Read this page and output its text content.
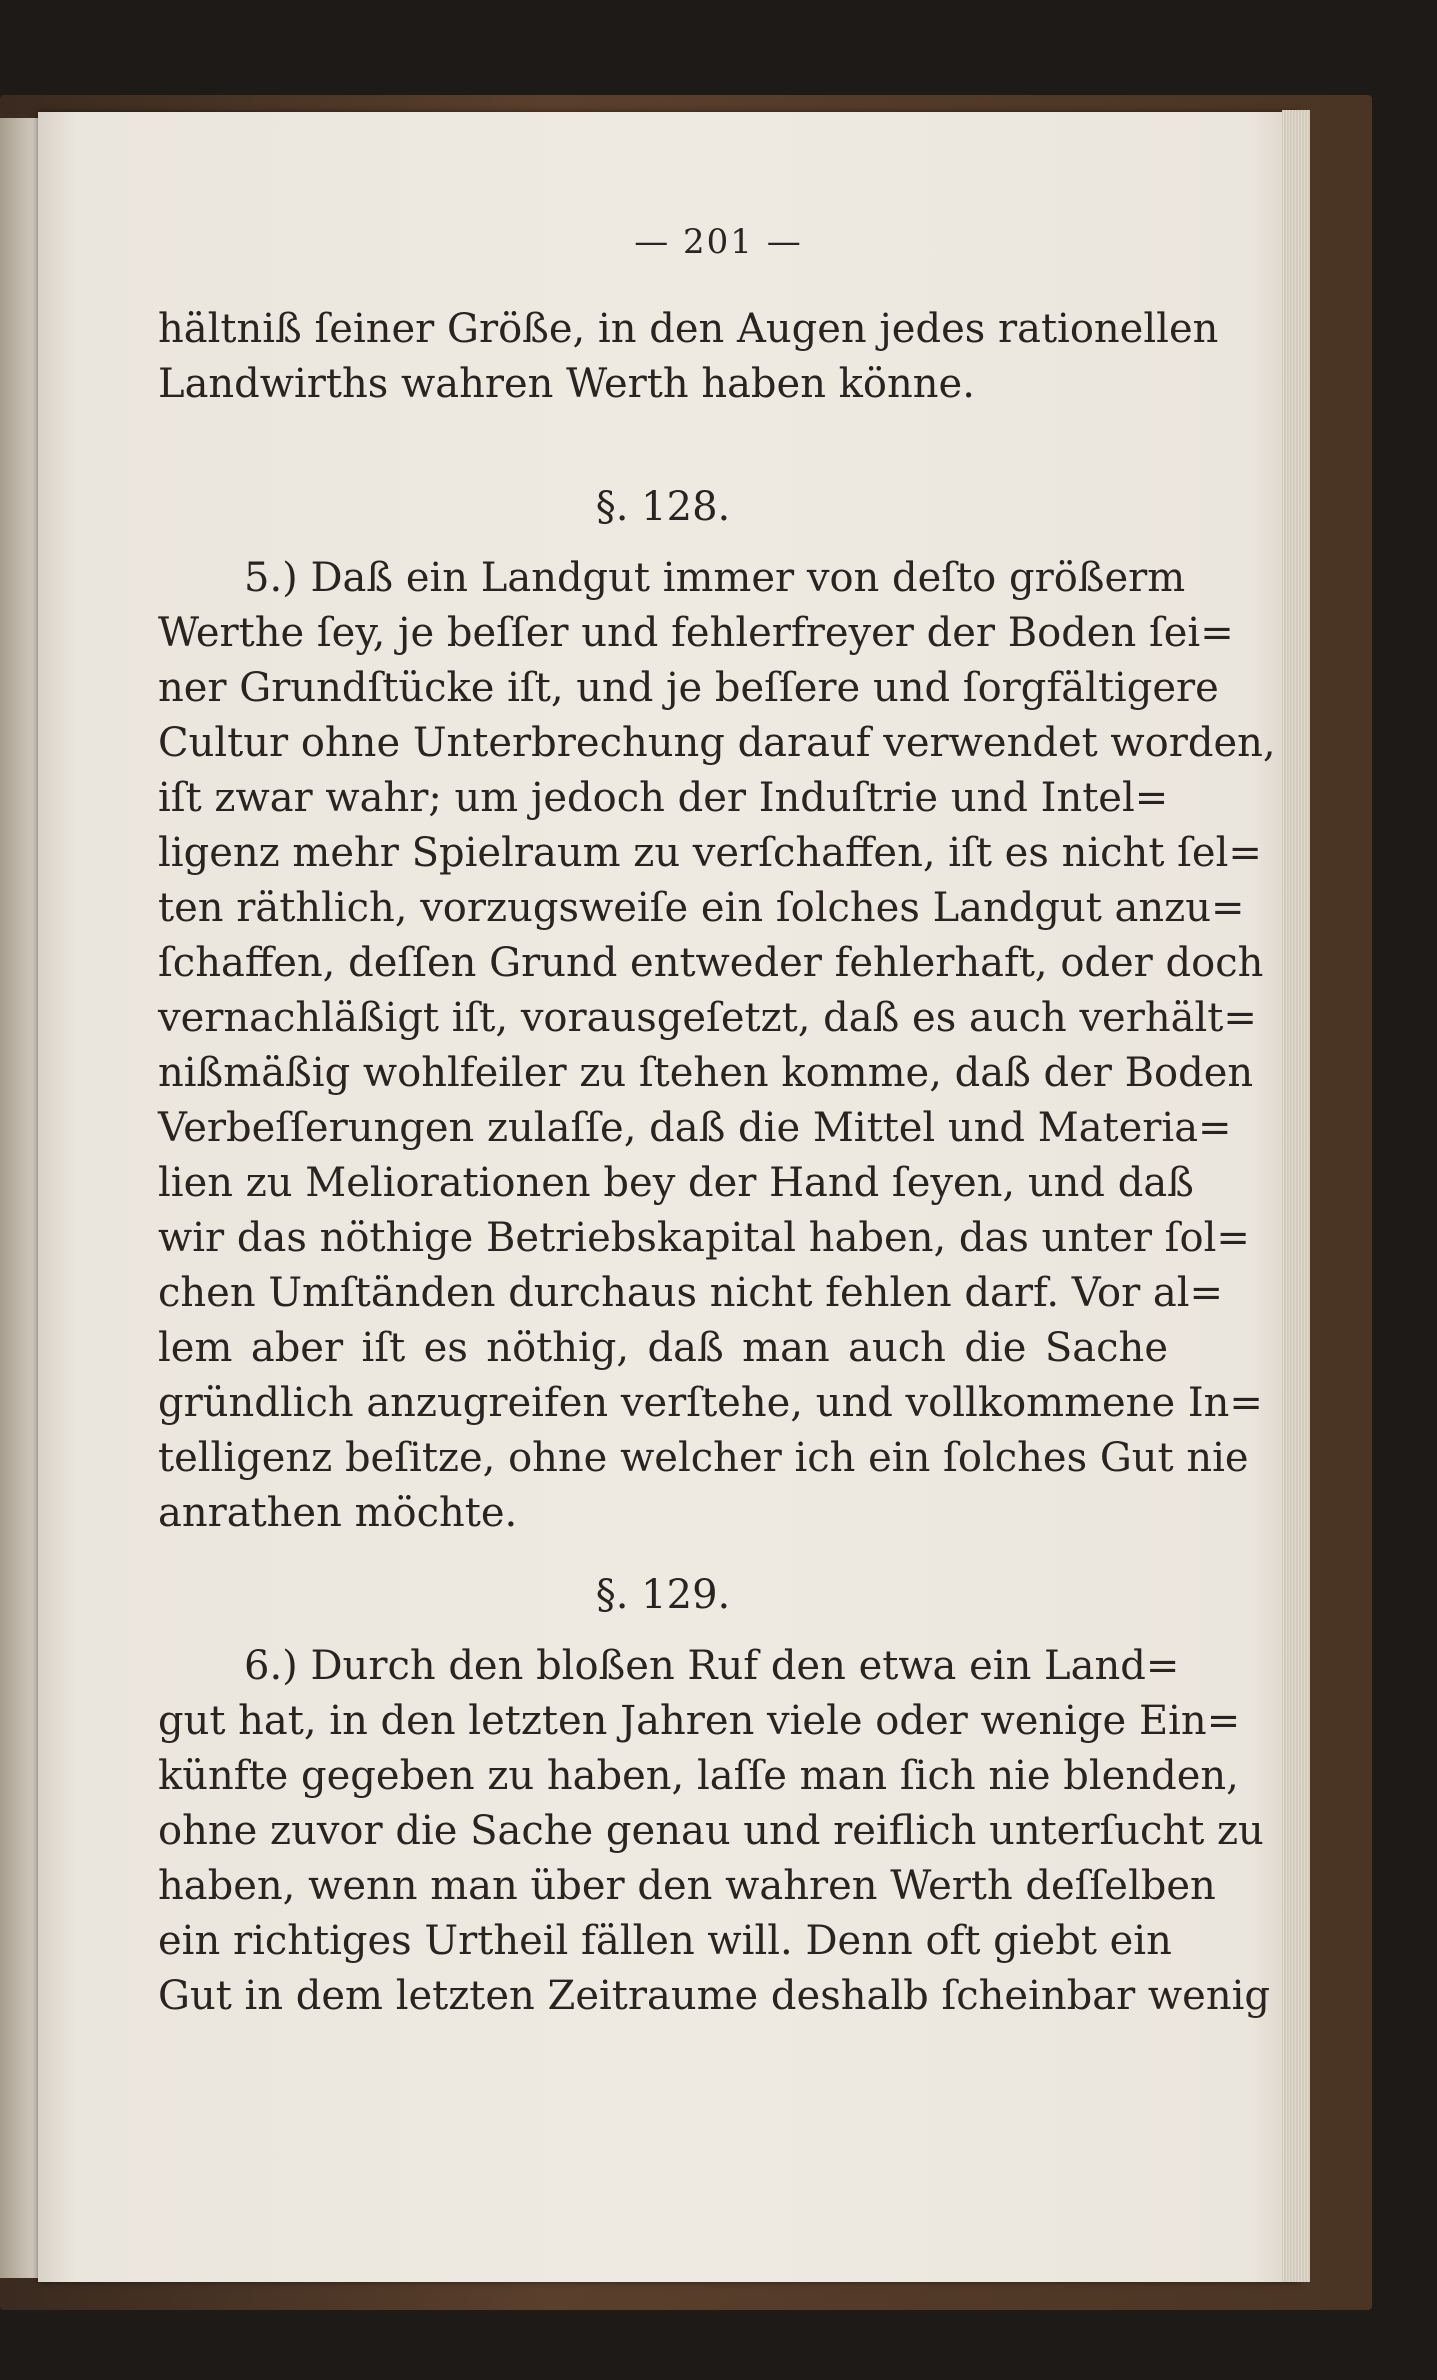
— 201 —
hältniß ſeiner Größe, in den Augen jedes rationellen
Landwirths wahren Werth haben könne.
§. 128.
5.) Daß ein Landgut immer von deſto größerm
Werthe ſey, je beſſer und fehlerfreyer der Boden ſei=
ner Grundſtücke iſt, und je beſſere und ſorgfältigere
Cultur ohne Unterbrechung darauf verwendet worden,
iſt zwar wahr; um jedoch der Induſtrie und Intel=
ligenz mehr Spielraum zu verſchaffen, iſt es nicht ſel=
ten räthlich, vorzugsweiſe ein ſolches Landgut anzu=
ſchaffen, deſſen Grund entweder fehlerhaft, oder doch
vernachläßigt iſt, vorausgeſetzt, daß es auch verhält=
nißmäßig wohlfeiler zu ſtehen komme, daß der Boden
Verbeſſerungen zulaſſe, daß die Mittel und Materia=
lien zu Meliorationen bey der Hand ſeyen, und daß
wir das nöthige Betriebskapital haben, das unter ſol=
chen Umſtänden durchaus nicht fehlen darf. Vor al=
lem aber iſt es nöthig, daß man auch die Sache
gründlich anzugreifen verſtehe, und vollkommene In=
telligenz beſitze, ohne welcher ich ein ſolches Gut nie
anrathen möchte.
§. 129.
6.) Durch den bloßen Ruf den etwa ein Land=
gut hat, in den letzten Jahren viele oder wenige Ein=
künfte gegeben zu haben, laſſe man ſich nie blenden,
ohne zuvor die Sache genau und reiflich unterſucht zu
haben, wenn man über den wahren Werth deſſelben
ein richtiges Urtheil fällen will. Denn oft giebt ein
Gut in dem letzten Zeitraume deshalb ſcheinbar wenig
